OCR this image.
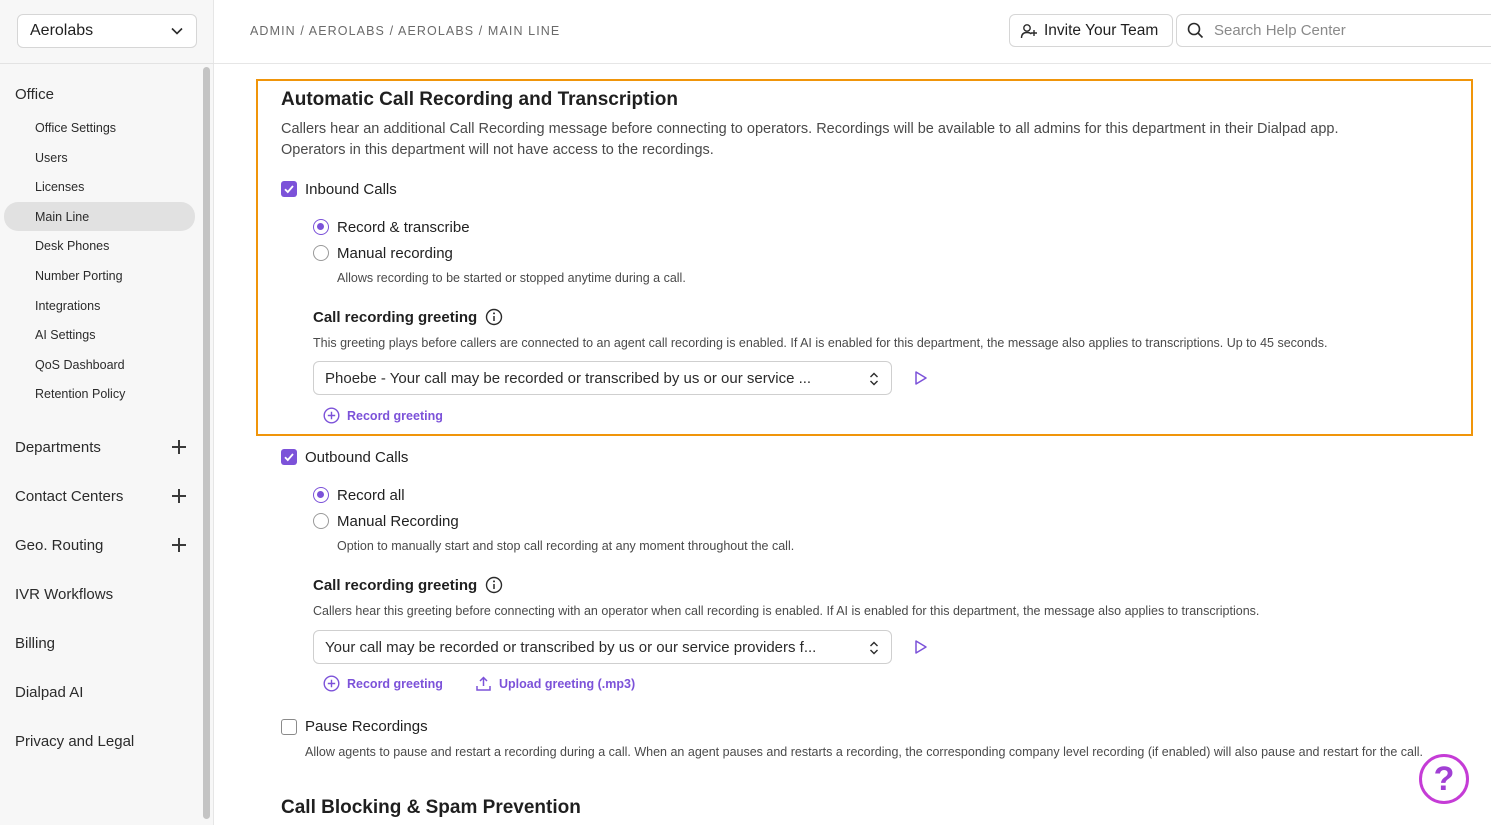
Aerolabs
Office
Office Settings
Users
Licenses
Main Line
Desk Phones
Number Porting
Integrations
AI Settings
QoS Dashboard
Retention Policy
Departments
Contact Centers
Geo. Routing
IVR Workflows
Billing
Dialpad AI
Privacy and Legal
ADMIN / AEROLABS / AEROLABS / MAIN LINE	Invite Your Team
Search Help Center
Automatic Call Recording and Transcription
Callers hear an additional Call Recording message before connecting to operators. Recordings will be available to all admins for this department in their Dialpad app.
Operators in this department will not have access to the recordings.
Inbound Calls
Record & transcribe
Manual recording
Allows recording to be started or stopped anytime during a call.
Call recording greeting
This greeting plays before callers are connected to an agent call recording is enabled. If AI is enabled for this department, the message also applies to transcriptions. Up to 45 seconds.
Phoebe - Your call may be recorded or transcribed by us or our service ...
Record greeting
Outbound Calls
Record all
Manual Recording
Option to manually start and stop call recording at any moment throughout the call.
Call recording greeting
Callers hear this greeting before connecting with an operator when call recording is enabled. If AI is enabled for this department, the message also applies to transcriptions.
Your call may be recorded or transcribed by us or our service providers f...
Record greeting	Upload greeting (.mp3)
Pause Recordings
Allow agents to pause and restart a recording during a call. When an agent pauses and restarts a recording, the corresponding company level recording (if enabled) will also pause and restart for the call.
Call Blocking & Spam Prevention
?
